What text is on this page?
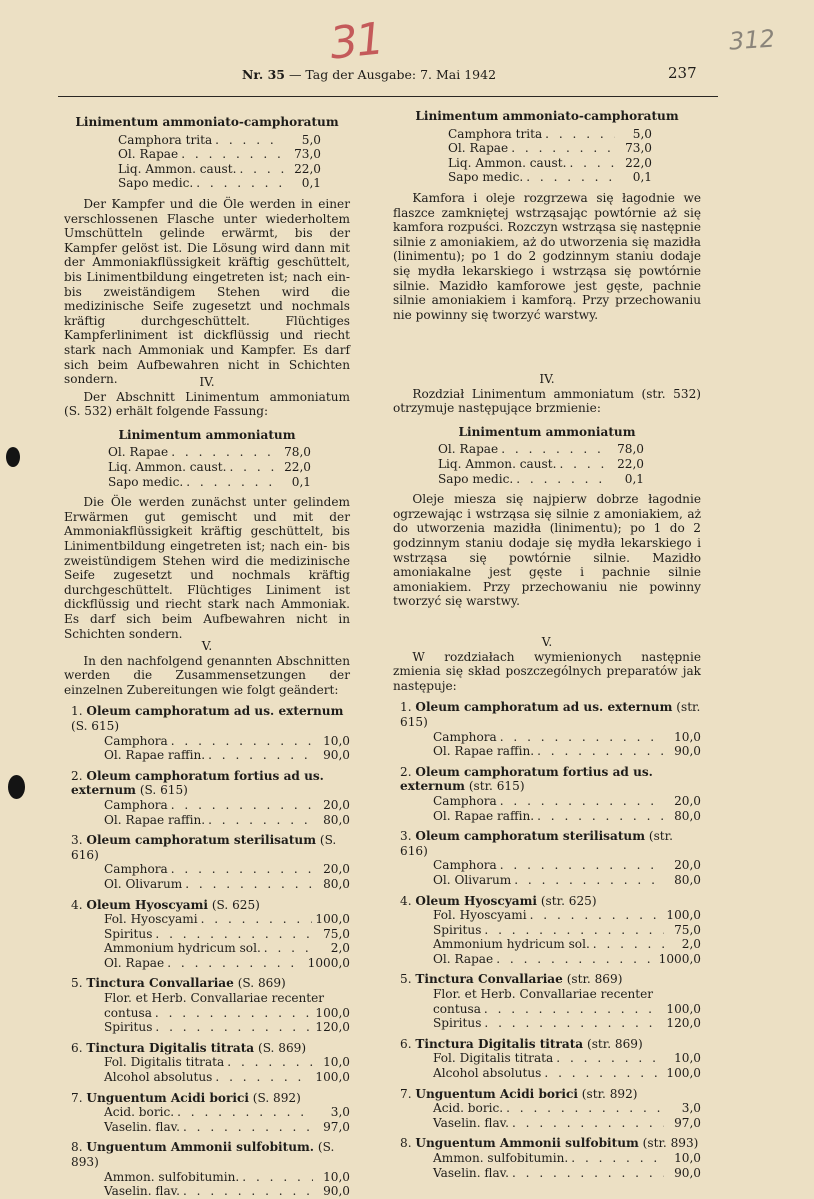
31	312
Nr. 35 — Tag der Ausgabe: 7. Mai 1942	237
Linimentum ammoniato-camphoratum
Camphora trita . . .	5,0
Ol. Rapae . . .	73,0
Liq. Ammon. caust. . . .	22,0
Sapo medic. . . .	0,1

Der Kampfer und die Öle werden in einer verschlossenen Flasche unter wiederholtem Umschütteln gelinde erwärmt, bis der Kampfer gelöst ist. Die Lösung wird dann mit der Ammoniakflüssigkeit kräftig geschüttelt, bis Linimentbildung eingetreten ist; nach ein- bis zweiständigem Stehen wird die medizinische Seife zugesetzt und nochmals kräftig durchgeschüttelt. Flüchtiges Kampferliniment ist dickflüssig und riecht stark nach Ammoniak und Kampfer. Es darf sich beim Aufbewahren nicht in Schichten sondern.	IV.

Der Abschnitt Linimentum ammoniatum (S. 532) erhält folgende Fassung:

Linimentum ammoniatum
Ol. Rapae . . .	78,0
Liq. Ammon. caust. . . .	22,0
Sapo medic. . . .	0,1

Die Öle werden zunächst unter gelindem Erwärmen gut gemischt und mit der Ammoniakflüssigkeit kräftig geschüttelt, bis Linimentbildung eingetreten ist; nach ein- bis zweistündigem Stehen wird die medizinische Seife zugesetzt und nochmals kräftig durchgeschüttelt. Flüchtiges Liniment ist dickflüssig und riecht stark nach Ammoniak. Es darf sich beim Aufbewahren nicht in Schichten sondern.

V.

In den nachfolgend genannten Abschnitten werden die Zusammensetzungen der einzelnen Zubereitungen wie folgt geändert:

1. Oleum camphoratum ad us. externum (S. 615)
Camphora . . .	10,0
Ol. Rapae raffin. . . .	90,0
2. Oleum camphoratum fortius ad us. externum (S. 615)
Camphora . . .	20,0
Ol. Rapae raffin. . . .	80,0
3. Oleum camphoratum sterilisatum (S. 616)
Camphora . . .	20,0
Ol. Olivarum . . .	80,0
4. Oleum Hyoscyami (S. 625)
Fol. Hyoscyami . . .	100,0
Spiritus . . .	75,0
Ammonium hydricum sol. . . .	2,0
Ol. Rapae . . .	1000,0
5. Tinctura Convallariae (S. 869)
Flor. et Herb. Convallariae recenter
contusa . . .	100,0
Spiritus . . .	120,0
6. Tinctura Digitalis titrata (S. 869)
Fol. Digitalis titrata . . .	10,0
Alcohol absolutus . . .	100,0
7. Unguentum Acidi borici (S. 892)
Acid. boric. . . .	3,0
Vaselin. flav. . . .	97,0
8. Unguentum Ammonii sulfobitum. (S. 893)
Ammon. sulfobitumin. . . .	10,0
Vaselin. flav. . . .	90,0
Linimentum ammoniato-camphoratum
Camphora trita . . .	5,0
Ol. Rapae . . .	73,0
Liq. Ammon. caust. . . .	22,0
Sapo medic. . . .	0,1

Kamfora i oleje rozgrzewa się łagodnie we flaszce zamkniętej wstrząsając powtórnie aż się kamfora rozpuści. Rozczyn wstrząsa się następnie silnie z amoniakiem, aż do utworzenia się mazidła (linimentu); po 1 do 2 godzinnym staniu dodaje się mydła lekarskiego i wstrząsa się powtórnie silnie. Mazidło kamforowe jest gęste, pachnie silnie amoniakiem i kamforą. Przy przechowaniu nie powinny się tworzyć warstwy.

IV.

Rozdział Linimentum ammoniatum (str. 532) otrzymuje następujące brzmienie:

Linimentum ammoniatum
Ol. Rapae . . .	78,0
Liq. Ammon. caust. . . .	22,0
Sapo medic. . . .	0,1

Oleje miesza się najpierw dobrze łagodnie ogrzewając i wstrząsa się silnie z amoniakiem, aż do utworzenia mazidła (linimentu); po 1 do 2 godzinnym staniu dodaje się mydła lekarskiego i wstrząsa się powtórnie silnie. Mazidło amoniakalne jest gęste i pachnie silnie amoniakiem. Przy przechowaniu nie powinny tworzyć się warstwy.

V.

W rozdziałach wymienionych następnie zmienia się skład poszczególnych preparatów jak następuje:

1. Oleum camphoratum ad us. externum (str. 615)
Camphora . . .	10,0
Ol. Rapae raffin. . . .	90,0
2. Oleum camphoratum fortius ad us. externum (str. 615)
Camphora . . .	20,0
Ol. Rapae raffin. . . .	80,0
3. Oleum camphoratum sterilisatum (str. 616)
Camphora . . .	20,0
Ol. Olivarum . . .	80,0
4. Oleum Hyoscyami (str. 625)
Fol. Hyoscyami . . .	100,0
Spiritus . . .	75,0
Ammonium hydricum sol. . . .	2,0
Ol. Rapae . . .	1000,0
5. Tinctura Convallariae (str. 869)
Flor. et Herb. Convallariae recenter
contusa . . .	100,0
Spiritus . . .	120,0
6. Tinctura Digitalis titrata (str. 869)
Fol. Digitalis titrata . . .	10,0
Alcohol absolutus . . .	100,0
7. Unguentum Acidi borici (str. 892)
Acid. boric. . . .	3,0
Vaselin. flav. . . .	97,0
8. Unguentum Ammonii sulfobitum (str. 893)
Ammon. sulfobitumin. . . .	10,0
Vaselin. flav. . . .	90,0
